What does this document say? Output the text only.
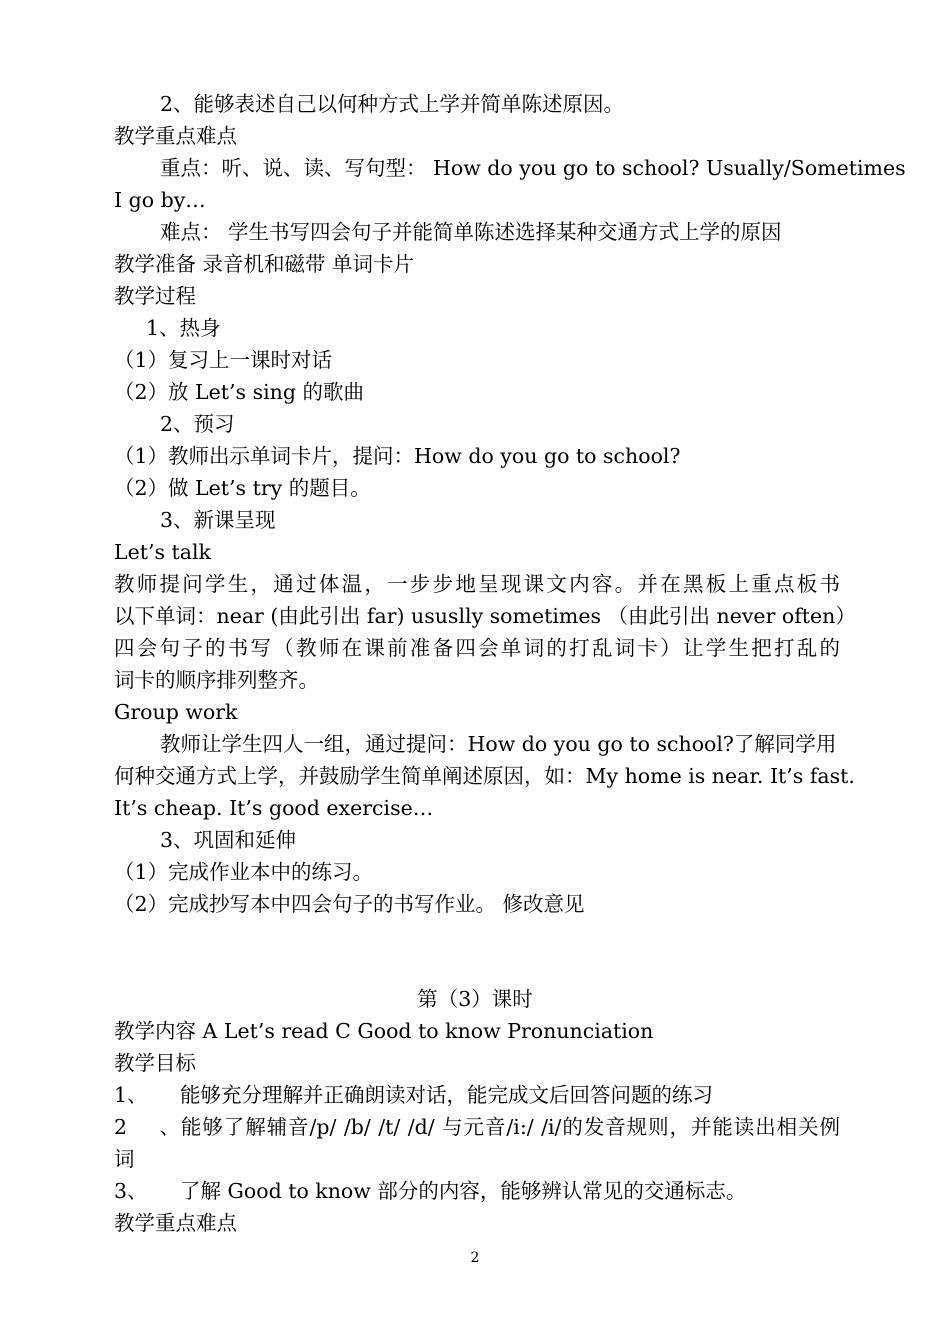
2、能够表述自己以何种方式上学并简单陈述原因。
教学重点难点
重点：听、说、读、写句型： How do you go to school? Usually/Sometimes
I go by…
难点： 学生书写四会句子并能简单陈述选择某种交通方式上学的原因
教学准备 录音机和磁带 单词卡片
教学过程
1、热身
（1）复习上一课时对话
（2）放 Let’s sing 的歌曲
2、预习
（1）教师出示单词卡片，提问：How do you go to school?
（2）做 Let’s try 的题目。
3、新课呈现
Let’s talk
教师提问学生，通过体温，一步步地呈现课文内容。并在黑板上重点板书
以下单词：near (由此引出 far) ususlly sometimes （由此引出 never often）
四会句子的书写（教师在课前准备四会单词的打乱词卡）让学生把打乱的
词卡的顺序排列整齐。
Group work
教师让学生四人一组，通过提问：How do you go to school?了解同学用
何种交通方式上学，并鼓励学生简单阐述原因，如：My home is near. It’s fast.
It’s cheap. It’s good exercise…
3、巩固和延伸
（1）完成作业本中的练习。
（2）完成抄写本中四会句子的书写作业。 修改意见
第（3）课时
教学内容 A Let’s read C Good to know Pronunciation
教学目标
1、 能够充分理解并正确朗读对话，能完成文后回答问题的练习
2、能够了解辅音/p/ /b/ /t/ /d/ 与元音/i:/ /i/的发音规则，并能读出相关例
词
3、 了解 Good to know 部分的内容，能够辨认常见的交通标志。
教学重点难点
2
